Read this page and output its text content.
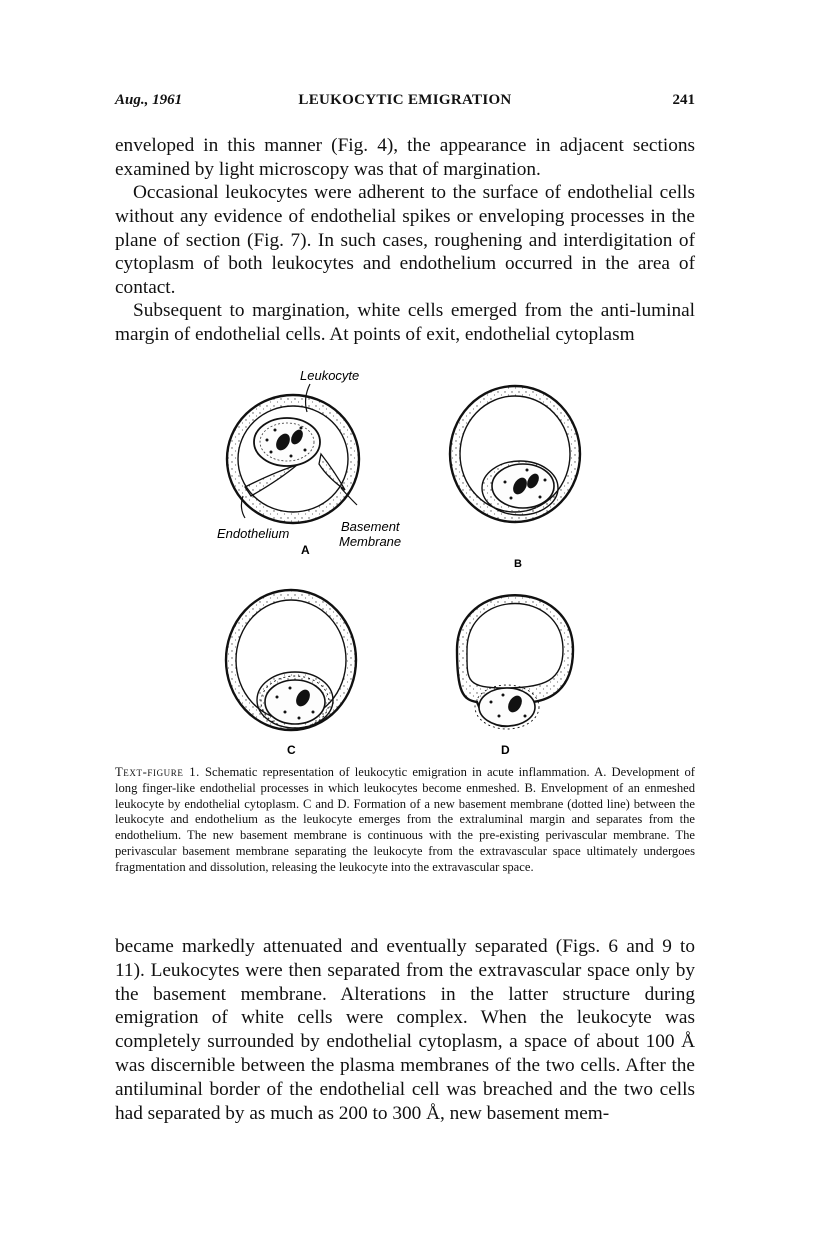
Aug., 1961	LEUKOCYTIC EMIGRATION	241

enveloped in this manner (Fig. 4), the appearance in adjacent sections examined by light microscopy was that of margination.

Occasional leukocytes were adherent to the surface of endothelial cells without any evidence of endothelial spikes or enveloping processes in the plane of section (Fig. 7). In such cases, roughening and interdigitation of cytoplasm of both leukocytes and endothelium occurred in the area of contact.

Subsequent to margination, white cells emerged from the anti-luminal margin of endothelial cells. At points of exit, endothelial cytoplasm

Leukocyte
Endothelium	Basement
Membrane
A
B
C	D

Text-figure 1. Schematic representation of leukocytic emigration in acute inflammation. A. Development of long finger-like endothelial processes in which leukocytes become enmeshed. B. Envelopment of an enmeshed leukocyte by endothelial cytoplasm. C and D. Formation of a new basement membrane (dotted line) between the leukocyte and endothelium as the leukocyte emerges from the extraluminal margin and separates from the endothelium. The new basement membrane is continuous with the pre-existing perivascular membrane. The perivascular basement membrane separating the leukocyte from the extravascular space ultimately undergoes fragmentation and dissolution, releasing the leukocyte into the extravascular space.

became markedly attenuated and eventually separated (Figs. 6 and 9 to 11). Leukocytes were then separated from the extravascular space only by the basement membrane. Alterations in the latter structure during emigration of white cells were complex. When the leukocyte was completely surrounded by endothelial cytoplasm, a space of about 100 Å was discernible between the plasma membranes of the two cells. After the antiluminal border of the endothelial cell was breached and the two cells had separated by as much as 200 to 300 Å, new basement mem-
